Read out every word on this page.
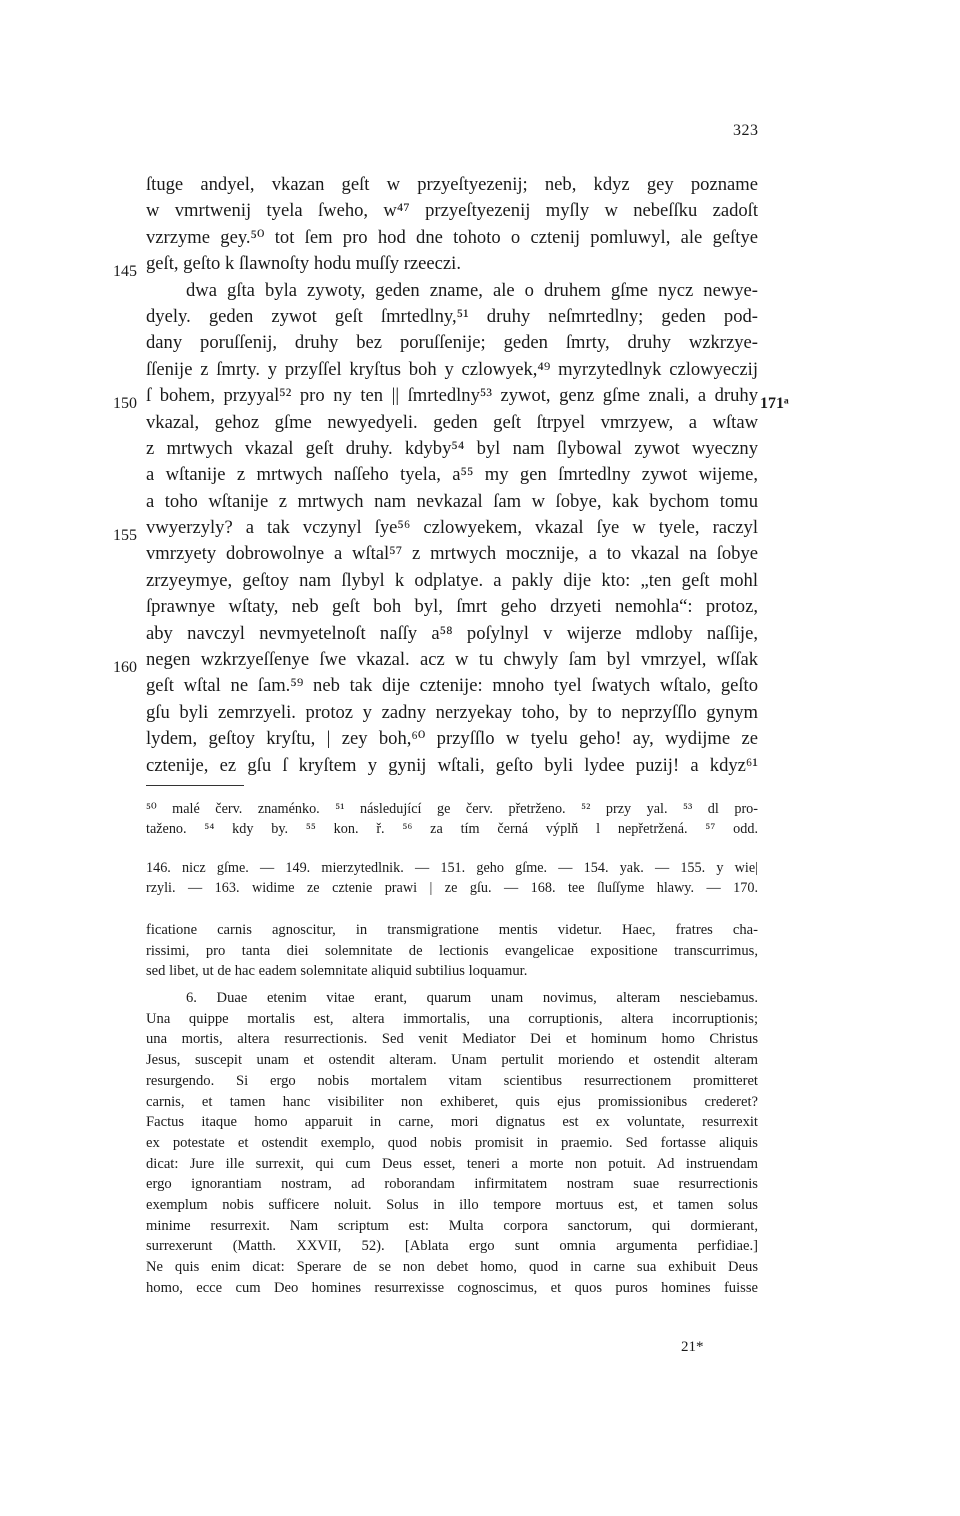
323
ſtuge andyel, vkazan geſt w przyeſtyezenij; neb, kdyz gey pozname
w vmrtwenij tyela ſweho, w⁴⁷ przyeſtyezenij myſly w nebeſſku zadoſt
vzrzyme gey.⁵⁰ tot ſem pro hod dne tohoto o cztenij pomluwyl, ale geſtye
geſt, geſto k ſlawnoſty hodu muſſy rzeeczi.
dwa gſta byla zywoty, geden zname, ale o druhem gſme nycz newye-
dyely. geden zywot geſt ſmrtedlny,⁵¹ druhy neſmrtedlny; geden pod-
dany poruſſenij, druhy bez poruſſenije; geden ſmrty, druhy wzkrzye-
ſſenije z ſmrty. y przyſſel kryſtus boh y czlowyek,⁴⁹ myrzytedlnyk czlowyeczij
ſ bohem, przyyal⁵² pro ny ten || ſmrtedlny⁵³ zywot, genz gſme znali, a druhy
vkazal, gehoz gſme newyedyeli. geden geſt ſtrpyel vmrzyew, a wſtaw
z mrtwych vkazal geſt druhy. kdyby⁵⁴ byl nam ſlybowal zywot wyeczny
a wſtanije z mrtwych naſſeho tyela, a⁵⁵ my gen ſmrtedlny zywot wijeme,
a toho wſtanije z mrtwych nam nevkazal ſam w ſobye, kak bychom tomu
vwyerzyly? a tak vczynyl ſye⁵⁶ czlowyekem, vkazal ſye w tyele, raczyl
vmrzyety dobrowolnye a wſtal⁵⁷ z mrtwych mocznije, a to vkazal na ſobye
zrzyeymye, geſtoy nam ſlybyl k odplatye. a pakly dije kto: „ten geſt mohl
ſprawnye wſtaty, neb geſt boh byl, ſmrt geho drzyeti nemohla“: protoz,
aby navczyl nevmyetelnoſt naſſy a⁵⁸ poſylnyl v wijerze mdloby naſſije,
negen wzkrzyeſſenye ſwe vkazal. acz w tu chwyly ſam byl vmrzyel, wſſak
geſt wſtal ne ſam.⁵⁹ neb tak dije cztenije: mnoho tyel ſwatych wſtalo, geſto
gſu byli zemrzyeli. protoz y zadny nerzyekay toho, by to neprzyſſlo gynym
lydem, geſtoy kryſtu, | zey boh,⁶⁰ przyſſlo w tyelu geho! ay, wydijme ze
cztenije, ez gſu ſ kryſtem y gynij wſtali, geſto byli lydee puzij! a kdyz⁶¹
145
150
155
160
171ᵃ
⁵⁰ malé červ. znaménko. ⁵¹ následující ge červ. přetrženo. ⁵² przy yal. ⁵³ dl pro-
taženo. ⁵⁴ kdy by. ⁵⁵ kon. ř. ⁵⁶ za tím černá výplň l nepřetržená. ⁵⁷ odd.
146. nicz gſme. — 149. mierzytedlnik. — 151. geho gſme. — 154. yak. — 155. y wie|
rzyli. — 163. widime ze cztenie prawi | ze gſu. — 168. tee ſluſſyme hlawy. — 170.
ficatione carnis agnoscitur, in transmigratione mentis videtur. Haec, fratres cha-
rissimi, pro tanta diei solemnitate de lectionis evangelicae expositione transcurrimus,
sed libet, ut de hac eadem solemnitate aliquid subtilius loquamur.
6. Duae etenim vitae erant, quarum unam novimus, alteram nesciebamus.
Una quippe mortalis est, altera immortalis, una corruptionis, altera incorruptionis;
una mortis, altera resurrectionis. Sed venit Mediator Dei et hominum homo Christus
Jesus, suscepit unam et ostendit alteram. Unam pertulit moriendo et ostendit alteram
resurgendo. Si ergo nobis mortalem vitam scientibus resurrectionem promitteret
carnis, et tamen hanc visibiliter non exhiberet, quis ejus promissionibus crederet?
Factus itaque homo apparuit in carne, mori dignatus est ex voluntate, resurrexit
ex potestate et ostendit exemplo, quod nobis promisit in praemio. Sed fortasse aliquis
dicat: Jure ille surrexit, qui cum Deus esset, teneri a morte non potuit. Ad instruendam
ergo ignorantiam nostram, ad roborandam infirmitatem nostram suae resurrectionis
exemplum nobis sufficere noluit. Solus in illo tempore mortuus est, et tamen solus
minime resurrexit. Nam scriptum est: Multa corpora sanctorum, qui dormierant,
surrexerunt (Matth. XXVII, 52). [Ablata ergo sunt omnia argumenta perfidiae.]
Ne quis enim dicat: Sperare de se non debet homo, quod in carne sua exhibuit Deus
homo, ecce cum Deo homines resurrexisse cognoscimus, et quos puros homines fuisse
21*
